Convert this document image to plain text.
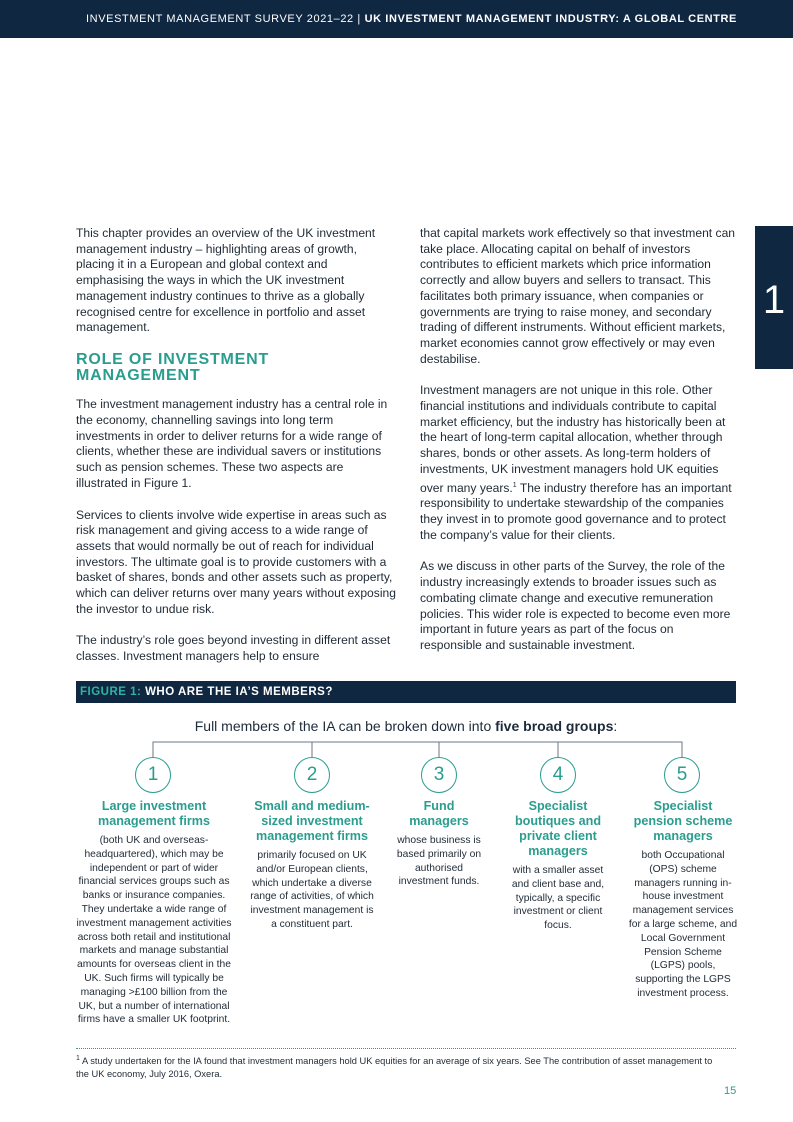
INVESTMENT MANAGEMENT SURVEY 2021–22 | UK INVESTMENT MANAGEMENT INDUSTRY: A GLOBAL CENTRE
1

This chapter provides an overview of the UK investment management industry – highlighting areas of growth, placing it in a European and global context and emphasising the ways in which the UK investment management industry continues to thrive as a globally recognised centre for excellence in portfolio and asset management.

ROLE OF INVESTMENT MANAGEMENT

The investment management industry has a central role in the economy, channelling savings into long term investments in order to deliver returns for a wide range of clients, whether these are individual savers or institutions such as pension schemes. These two aspects are illustrated in Figure 1.

Services to clients involve wide expertise in areas such as risk management and giving access to a wide range of assets that would normally be out of reach for individual investors. The ultimate goal is to provide customers with a basket of shares, bonds and other assets such as property, which can deliver returns over many years without exposing the investor to undue risk.

The industry’s role goes beyond investing in different asset classes. Investment managers help to ensure

that capital markets work effectively so that investment can take place. Allocating capital on behalf of investors contributes to efficient markets which price information correctly and allow buyers and sellers to transact. This facilitates both primary issuance, when companies or governments are trying to raise money, and secondary trading of different instruments. Without efficient markets, market economies cannot grow effectively or may even destabilise.

Investment managers are not unique in this role. Other financial institutions and individuals contribute to capital market efficiency, but the industry has historically been at the heart of long-term capital allocation, whether through shares, bonds or other assets. As long-term holders of investments, UK investment managers hold UK equities over many years.$^1$ The industry therefore has an important responsibility to undertake stewardship of the companies they invest in to promote good governance and to protect the company’s value for their clients.

As we discuss in other parts of the Survey, the role of the industry increasingly extends to broader issues such as combating climate change and executive remuneration policies. This wider role is expected to become even more important in future years as part of the focus on responsible and sustainable investment.

FIGURE 1: WHO ARE THE IA’S MEMBERS?
Full members of the IA can be broken down into five broad groups:
1	2	3	4	5
Large investment management firms
(both UK and overseas-headquartered), which may be independent or part of wider financial services groups such as banks or insurance companies. They undertake a wide range of investment management activities across both retail and institutional markets and manage substantial amounts for overseas client in the UK. Such firms will typically be managing >£100 billion from the UK, but a number of international firms have a smaller UK footprint.
Small and medium-sized investment management firms
primarily focused on UK and/or European clients, which undertake a diverse range of activities, of which investment management is a constituent part.
Fund managers
whose business is based primarily on authorised investment funds.
Specialist boutiques and private client managers
with a smaller asset and client base and, typically, a specific investment or client focus.
Specialist pension scheme managers
both Occupational (OPS) scheme managers running in-house investment management services for a large scheme, and Local Government Pension Scheme (LGPS) pools, supporting the LGPS investment process.
$^1$ A study undertaken for the IA found that investment managers hold UK equities for an average of six years. See The contribution of asset management to the UK economy, July 2016, Oxera.
15
